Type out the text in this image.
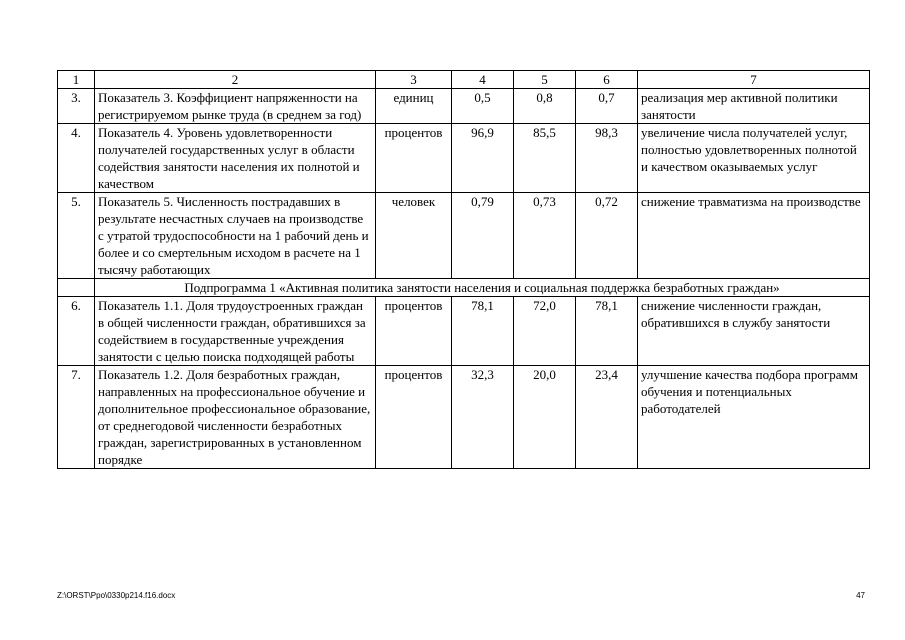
1	2	3	4	5	6	7
3.	Показатель 3. Коэффициент напряженности на регистрируемом рынке труда (в среднем за год)	единиц	0,5	0,8	0,7	реализация мер активной политики занятости
4.	Показатель 4. Уровень удовлетворенности получателей государственных услуг в области содействия занятости населения их полнотой и качеством	процентов	96,9	85,5	98,3	увеличение числа получателей услуг, полностью удовлетворенных полнотой и качеством оказываемых услуг
5.	Показатель 5. Численность пострадавших в результате несчастных случаев на производстве с утратой трудоспособности на 1 рабочий день и более и со смертельным исходом в расчете на 1 тысячу работающих	человек	0,79	0,73	0,72	снижение травматизма на производстве
	Подпрограмма 1 «Активная политика занятости населения и социальная поддержка безработных граждан»					
6.	Показатель 1.1. Доля трудоустроенных граждан в общей численности граждан, обратившихся за содействием в государственные учреждения занятости с целью поиска подходящей работы	процентов	78,1	72,0	78,1	снижение численности граждан, обратившихся в службу занятости
7.	Показатель 1.2. Доля безработных граждан, направленных на профессиональное обучение и дополнительное профессиональное образование, от среднегодовой численности безработных граждан, зарегистрированных в установленном порядке	процентов	32,3	20,0	23,4	улучшение качества подбора программ обучения и потенциальных работодателей
Z:\ORST\Ppo\0330p214.f16.docx	47
